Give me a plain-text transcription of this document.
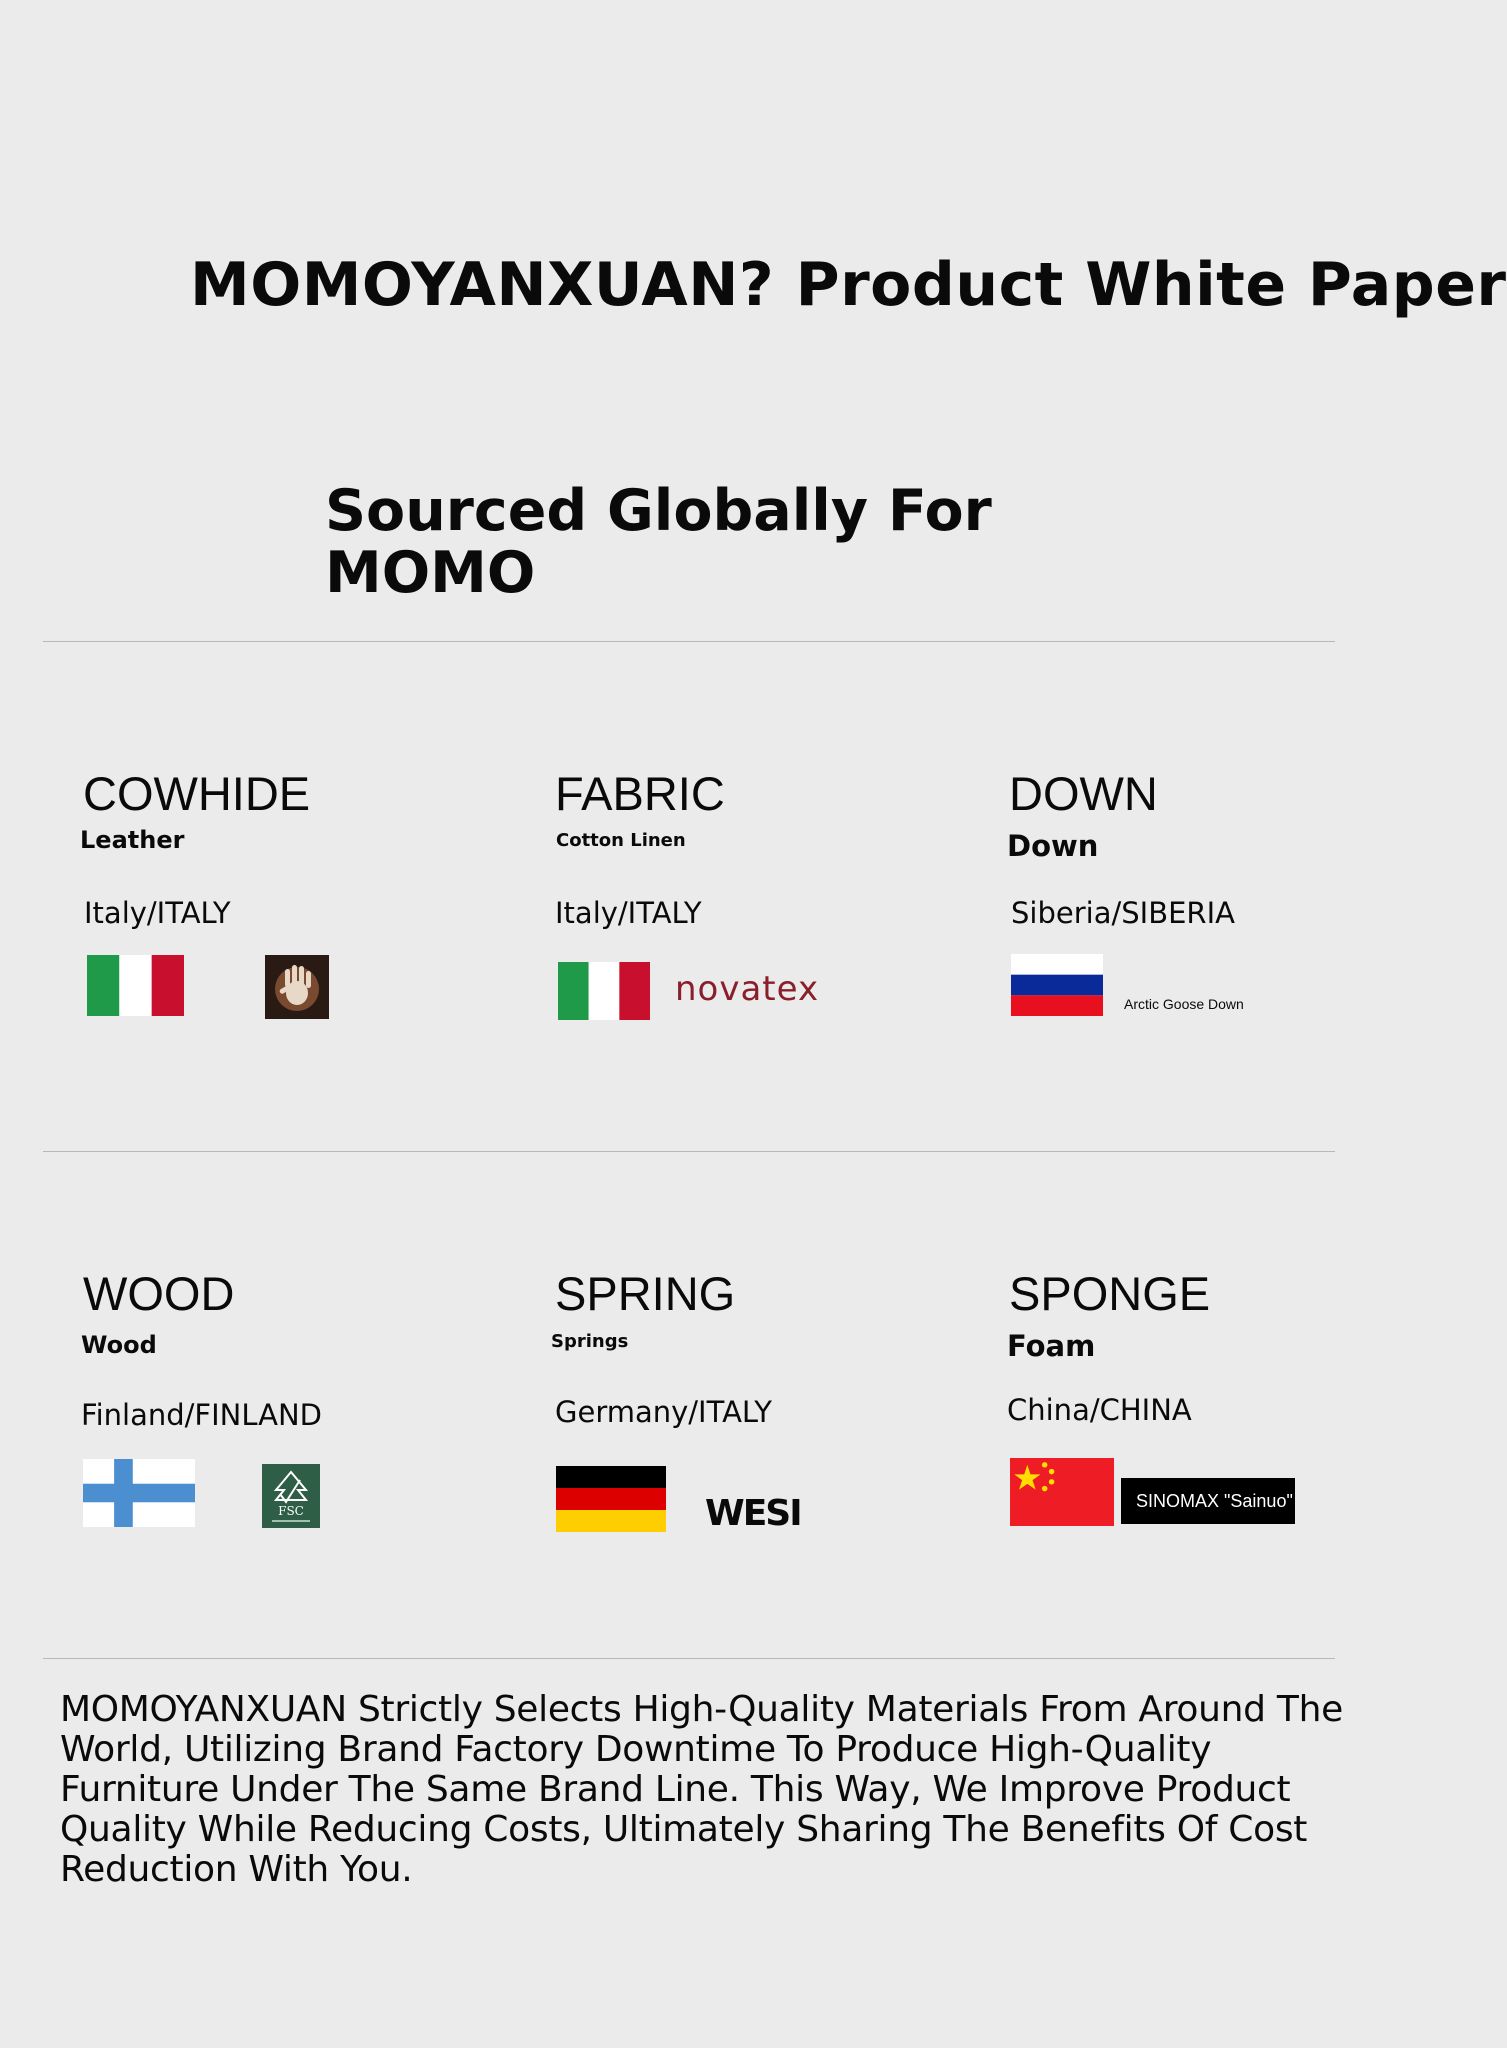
MOMOYANXUAN? Product White Paper
Sourced Globally For MOMO
COWHIDE
Leather
Italy/ITALY
FABRIC
Cotton Linen
Italy/ITALY
novatex
DOWN
Down
Siberia/SIBERIA
Arctic Goose Down
WOOD
Wood
Finland/FINLAND
FSC
SPRING
Springs
Germany/ITALY
WESI
SPONGE
Foam
China/CHINA
SINOMAX "Sainuo"
MOMOYANXUAN Strictly Selects High-Quality Materials From Around The World, Utilizing Brand Factory Downtime To Produce High-Quality Furniture Under The Same Brand Line. This Way, We Improve Product Quality While Reducing Costs, Ultimately Sharing The Benefits Of Cost Reduction With You.
